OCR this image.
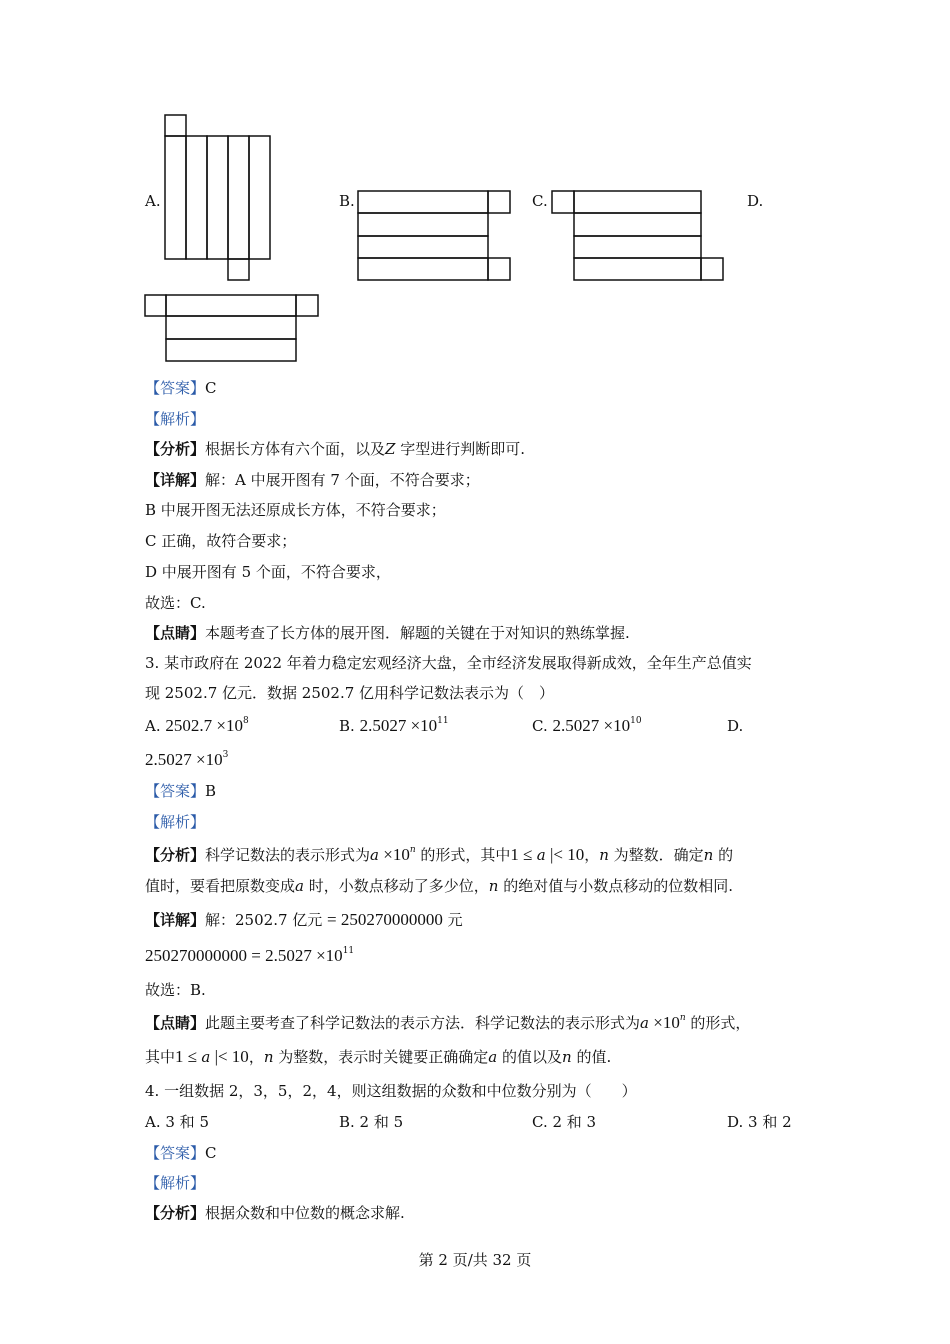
A.	B.	C.	D.
【答案】C
【解析】
【分析】根据长方体有六个面，以及Z 字型进行判断即可.
【详解】解：A 中展开图有 7 个面，不符合要求；
B 中展开图无法还原成长方体，不符合要求；
C 正确，故符合要求；
D 中展开图有 5 个面，不符合要求，
故选：C.
【点睛】本题考查了长方体的展开图．解题的关键在于对知识的熟练掌握.
3. 某市政府在 2022 年着力稳定宏观经济大盘，全市经济发展取得新成效，全年生产总值实
现 2502.7 亿元．数据 2502.7 亿用科学记数法表示为（　）
A. $2502.7 \times 10^8$	B. $2.5027 \times 10^{11}$	C. $2.5027 \times 10^{10}$	D.
$2.5027 \times 10^3$
【答案】B
【解析】
【分析】科学记数法的表示形式为$a \times 10^n$ 的形式，其中1 ≤ a |< 10，n 为整数．确定n 的
值时，要看把原数变成a 时，小数点移动了多少位，n 的绝对值与小数点移动的位数相同.
【详解】解：2502.7 亿元 = 250270000000 元
$250270000000 = 2.5027 \times 10^{11}$
故选：B.
【点睛】此题主要考查了科学记数法的表示方法．科学记数法的表示形式为$a \times 10^n$ 的形式，
其中1 ≤ a |< 10，n 为整数，表示时关键要正确确定a 的值以及n 的值.
4. 一组数据 2，3，5，2，4，则这组数据的众数和中位数分别为（　　）
A. 3 和 5	B. 2 和 5	C. 2 和 3	D. 3 和 2
【答案】C
【解析】
【分析】根据众数和中位数的概念求解.
第 2 页/共 32 页
